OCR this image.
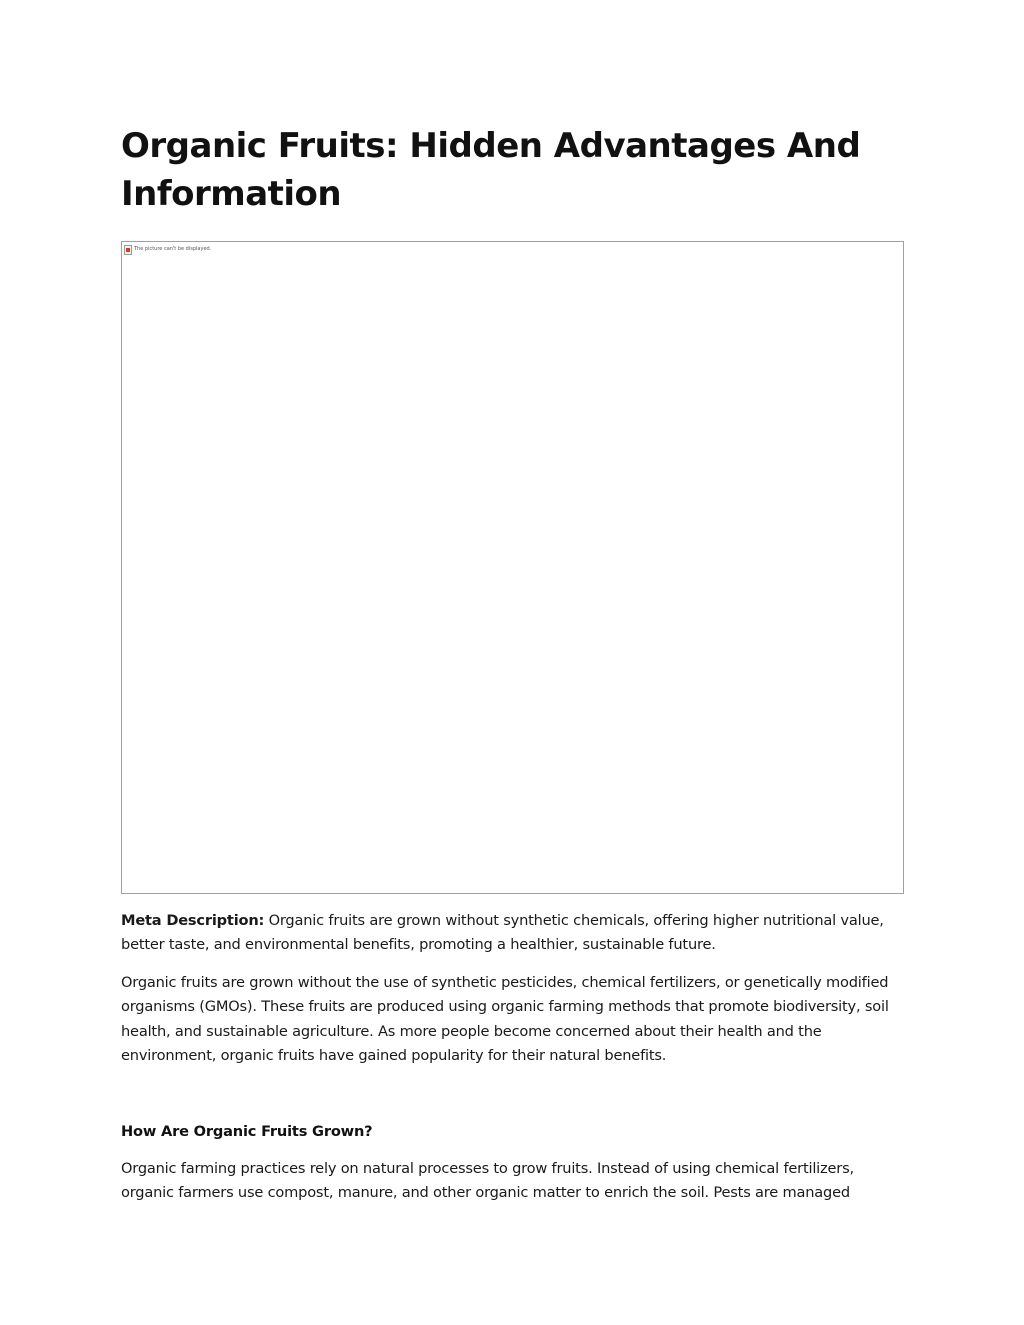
Organic Fruits: Hidden Advantages And Information
The picture can't be displayed.

Meta Description: Organic fruits are grown without synthetic chemicals, offering higher nutritional value, better taste, and environmental benefits, promoting a healthier, sustainable future.

Organic fruits are grown without the use of synthetic pesticides, chemical fertilizers, or genetically modified organisms (GMOs). These fruits are produced using organic farming methods that promote biodiversity, soil health, and sustainable agriculture. As more people become concerned about their health and the environment, organic fruits have gained popularity for their natural benefits.

How Are Organic Fruits Grown?

Organic farming practices rely on natural processes to grow fruits. Instead of using chemical fertilizers, organic farmers use compost, manure, and other organic matter to enrich the soil. Pests are managed
